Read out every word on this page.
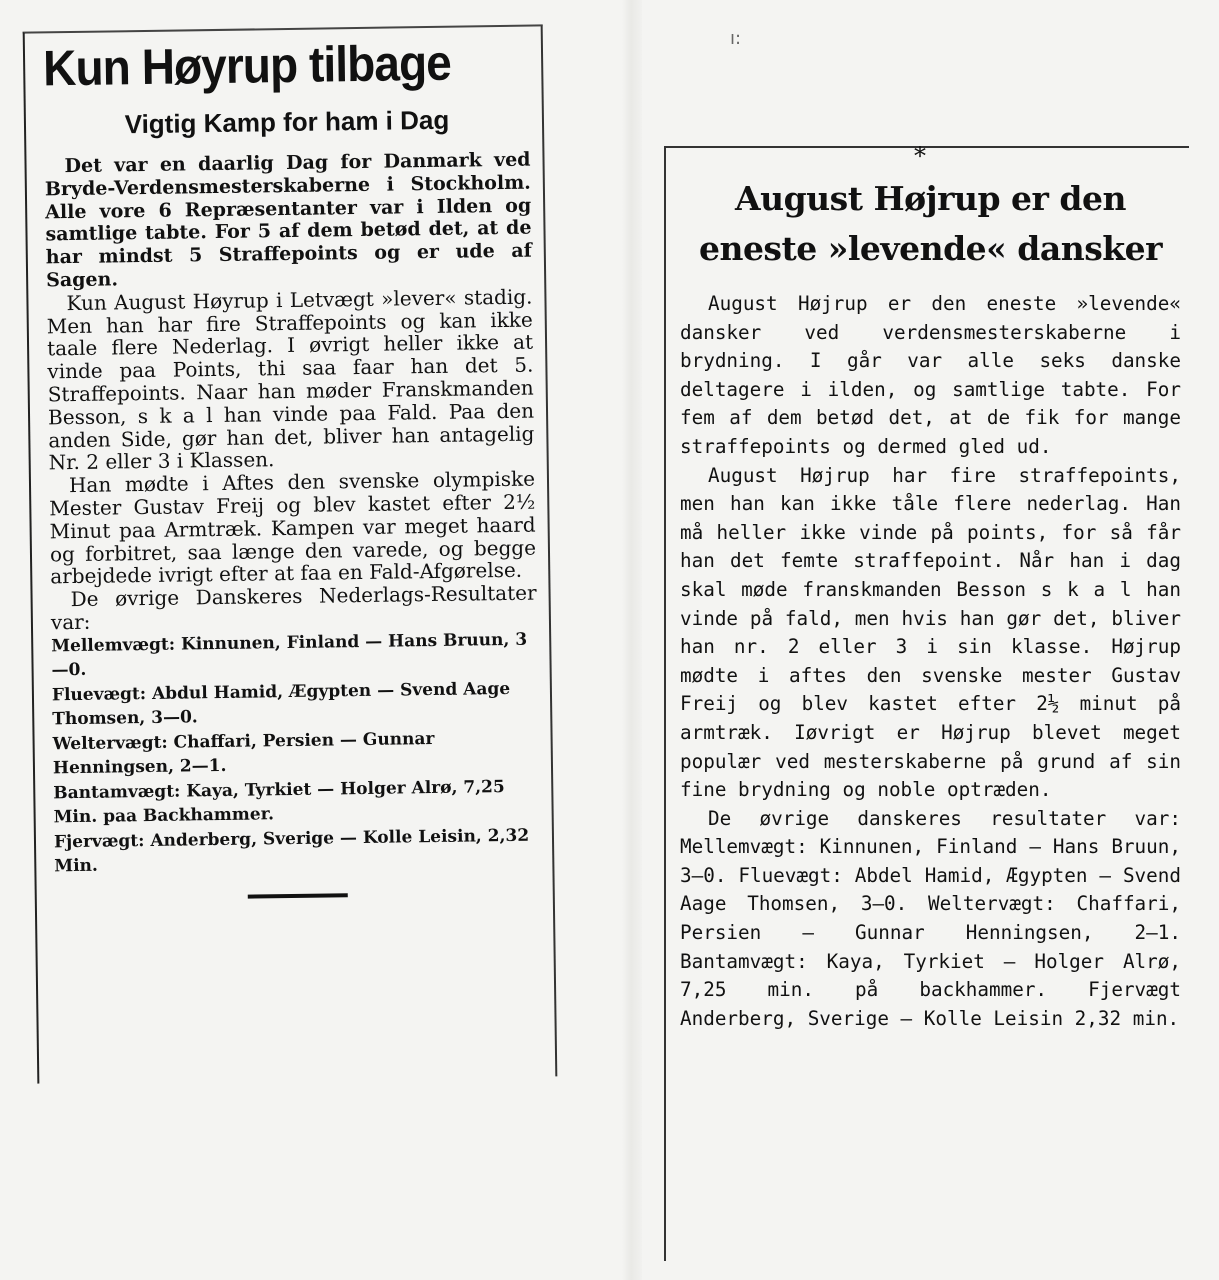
ı:
Kun Høyrup tilbage
Vigtig Kamp for ham i Dag

Det var en daarlig Dag for Danmark ved Bryde-Verdensmesterskaberne i Stockholm. Alle vore 6 Repræsentanter var i Ilden og samtlige tabte. For 5 af dem betød det, at de har mindst 5 Straffepoints og er ude af Sagen.

Kun August Høyrup i Letvægt »lever« stadig. Men han har fire Straffepoints og kan ikke taale flere Nederlag. I øvrigt heller ikke at vinde paa Points, thi saa faar han det 5. Straffepoints. Naar han møder Franskmanden Besson, s k a l han vinde paa Fald. Paa den anden Side, gør han det, bliver han antagelig Nr. 2 eller 3 i Klassen.

Han mødte i Aftes den svenske olympiske Mester Gustav Freij og blev kastet efter 2½ Minut paa Armtræk. Kampen var meget haard og forbitret, saa længe den varede, og begge arbejdede ivrigt efter at faa en Fald-Afgørelse.

De øvrige Danskeres Nederlags-Resultater var:

Mellemvægt: Kinnunen, Finland — Hans Bruun, 3—0.

Fluevægt: Abdul Hamid, Ægypten — Svend Aage Thomsen, 3—0.

Weltervægt: Chaffari, Persien — Gunnar Henningsen, 2—1.

Bantamvægt: Kaya, Tyrkiet — Holger Alrø, 7,25 Min. paa Backhammer.

Fjervægt: Anderberg, Sverige — Kolle Leisin, 2,32 Min.

*
August Højrup er den eneste »levende« dansker

August Højrup er den eneste »levende« dansker ved verdensmesterskaberne i brydning. I går var alle seks danske deltagere i ilden, og samtlige tabte. For fem af dem betød det, at de fik for mange straffepoints og dermed gled ud.

August Højrup har fire straffepoints, men han kan ikke tåle flere nederlag. Han må heller ikke vinde på points, for så får han det femte straffepoint. Når han i dag skal møde franskmanden Besson s k a l han vinde på fald, men hvis han gør det, bliver han nr. 2 eller 3 i sin klasse. Højrup mødte i aftes den svenske mester Gustav Freij og blev kastet efter 2½ minut på armtræk. Iøvrigt er Højrup blevet meget populær ved mesterskaberne på grund af sin fine brydning og noble optræden.

De øvrige danskeres resultater var: Mellemvægt: Kinnunen, Finland — Hans Bruun, 3—0. Fluevægt: Abdel Hamid, Ægypten — Svend Aage Thomsen, 3—0. Weltervægt: Chaffari, Persien — Gunnar Henningsen, 2—1. Bantamvægt: Kaya, Tyrkiet — Holger Alrø, 7,25 min. på backhammer. Fjervægt Anderberg, Sverige — Kolle Leisin 2,32 min.
